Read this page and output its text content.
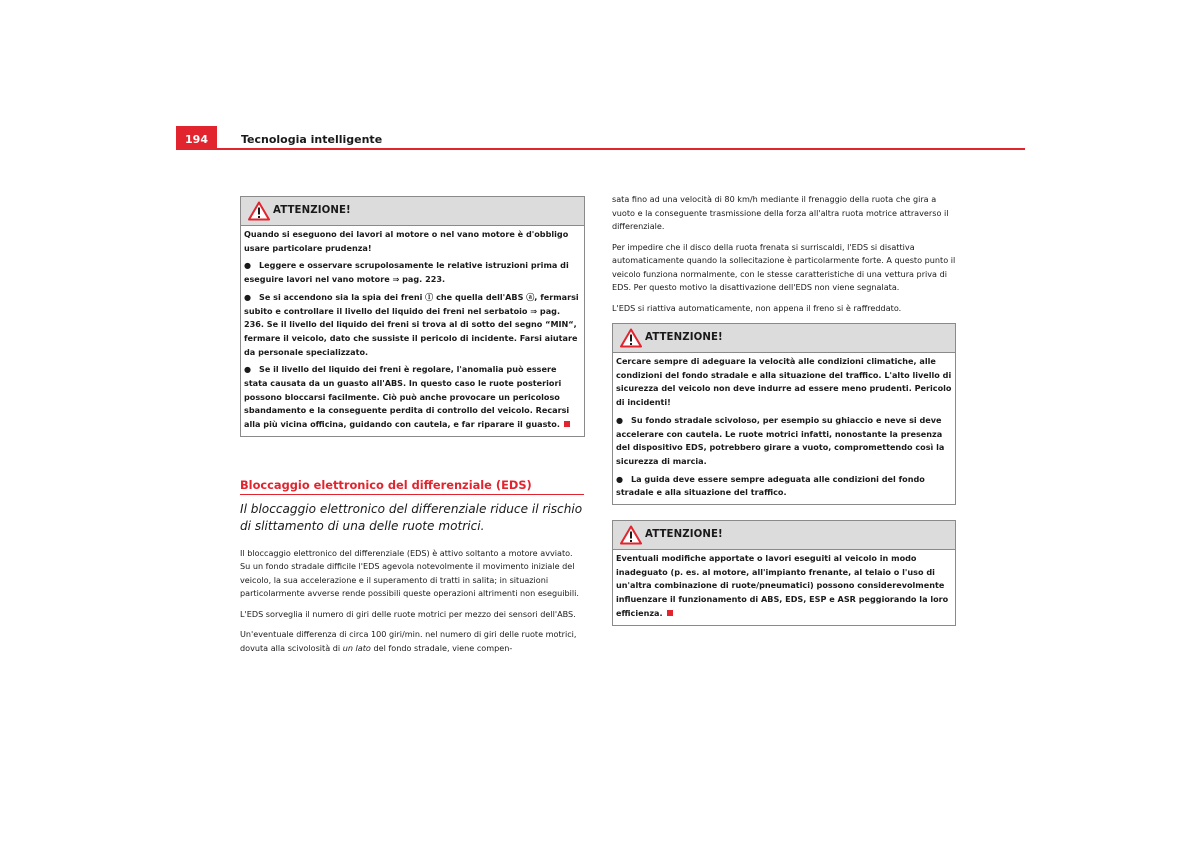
194	Tecnologia intelligente
ATTENZIONE!

Quando si eseguono dei lavori al motore o nel vano motore è d'obbligo usare particolare prudenza!

● Leggere e osservare scrupolosamente le relative istruzioni prima di eseguire lavori nel vano motore ⇒ pag. 223.

● Se si accendono sia la spia dei freni Ⓘ che quella dell'ABS ⓐ, fermarsi subito e controllare il livello del liquido dei freni nel serbatoio ⇒ pag. 236. Se il livello del liquido dei freni si trova al di sotto del segno “MIN“, fermare il veicolo, dato che sussiste il pericolo di incidente. Farsi aiutare da personale specializzato.

● Se il livello del liquido dei freni è regolare, l'anomalia può essere stata causata da un guasto all'ABS. In questo caso le ruote posteriori possono bloccarsi facilmente. Ciò può anche provocare un pericoloso sbandamento e la conseguente perdita di controllo del veicolo. Recarsi alla più vicina officina, guidando con cautela, e far riparare il guasto.

Bloccaggio elettronico del differenziale (EDS)
Il bloccaggio elettronico del differenziale riduce il rischio di slittamento di una delle ruote motrici.

Il bloccaggio elettronico del differenziale (EDS) è attivo soltanto a motore avviato. Su un fondo stradale difficile l'EDS agevola notevolmente il movimento iniziale del veicolo, la sua accelerazione e il superamento di tratti in salita; in situazioni particolarmente avverse rende possibili queste operazioni altrimenti non eseguibili.

L'EDS sorveglia il numero di giri delle ruote motrici per mezzo dei sensori dell'ABS.

Un'eventuale differenza di circa 100 giri/min. nel numero di giri delle ruote motrici, dovuta alla scivolosità di un lato del fondo stradale, viene compen-

sata fino ad una velocità di 80 km/h mediante il frenaggio della ruota che gira a vuoto e la conseguente trasmissione della forza all'altra ruota motrice attraverso il differenziale.

Per impedire che il disco della ruota frenata si surriscaldi, l'EDS si disattiva automaticamente quando la sollecitazione è particolarmente forte. A questo punto il veicolo funziona normalmente, con le stesse caratteristiche di una vettura priva di EDS. Per questo motivo la disattivazione dell'EDS non viene segnalata.

L'EDS si riattiva automaticamente, non appena il freno si è raffreddato.

ATTENZIONE!

Cercare sempre di adeguare la velocità alle condizioni climatiche, alle condizioni del fondo stradale e alla situazione del traffico. L'alto livello di sicurezza del veicolo non deve indurre ad essere meno prudenti. Pericolo di incidenti!

● Su fondo stradale scivoloso, per esempio su ghiaccio e neve si deve accelerare con cautela. Le ruote motrici infatti, nonostante la presenza del dispositivo EDS, potrebbero girare a vuoto, compromettendo così la sicurezza di marcia.

● La guida deve essere sempre adeguata alle condizioni del fondo stradale e alla situazione del traffico.

ATTENZIONE!

Eventuali modifiche apportate o lavori eseguiti al veicolo in modo inadeguato (p. es. al motore, all'impianto frenante, al telaio o l'uso di un'altra combinazione di ruote/pneumatici) possono considerevolmente influenzare il funzionamento di ABS, EDS, ESP e ASR peggiorando la loro efficienza.
